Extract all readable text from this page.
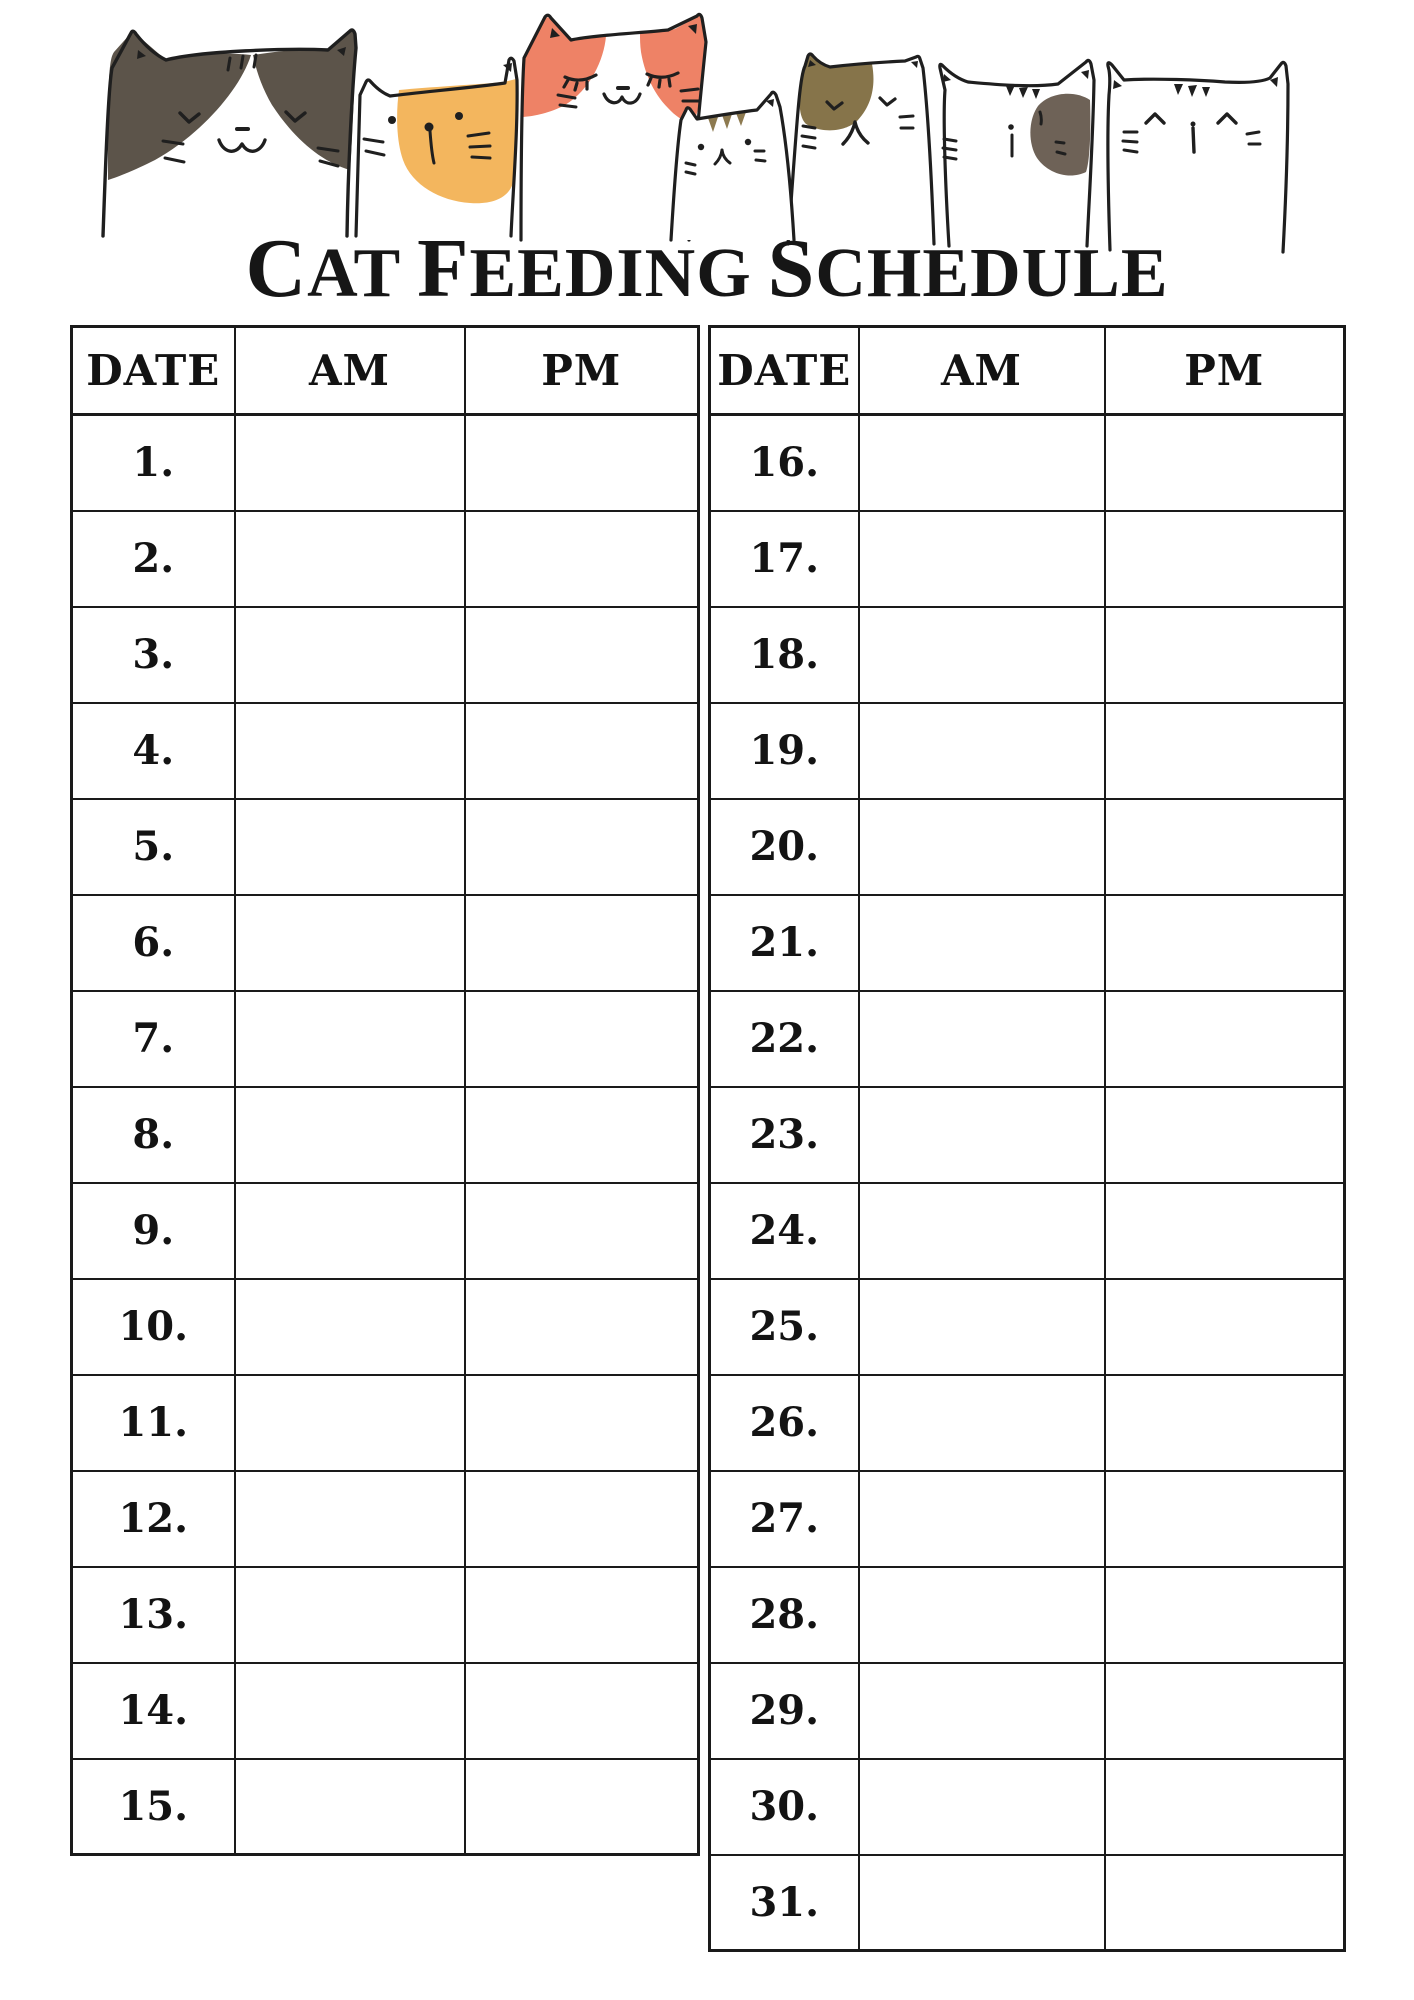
CAT FEEDING SCHEDULE
DATE	AM	PM
1.		
2.		
3.		
4.		
5.		
6.		
7.		
8.		
9.		
10.		
11.		
12.		
13.		
14.		
15.		
DATE	AM	PM
16.		
17.		
18.		
19.		
20.		
21.		
22.		
23.		
24.		
25.		
26.		
27.		
28.		
29.		
30.		
31.		
